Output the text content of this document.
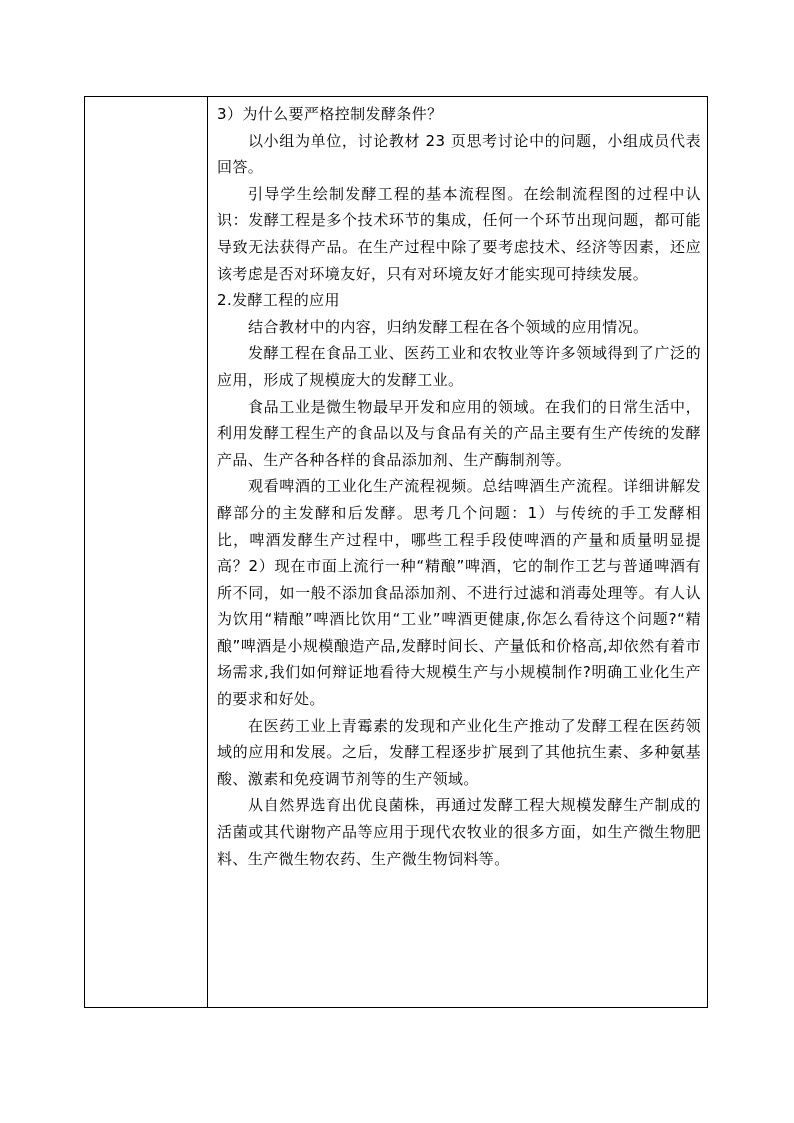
3）为什么要严格控制发酵条件？

以小组为单位，讨论教材 23 页思考讨论中的问题，小组成员代表回答。

引导学生绘制发酵工程的基本流程图。在绘制流程图的过程中认识：发酵工程是多个技术环节的集成，任何一个环节出现问题，都可能导致无法获得产品。在生产过程中除了要考虑技术、经济等因素，还应该考虑是否对环境友好，只有对环境友好才能实现可持续发展。

2.发酵工程的应用

结合教材中的内容，归纳发酵工程在各个领域的应用情况。

发酵工程在食品工业、医药工业和农牧业等许多领域得到了广泛的应用，形成了规模庞大的发酵工业。

食品工业是微生物最早开发和应用的领域。在我们的日常生活中，利用发酵工程生产的食品以及与食品有关的产品主要有生产传统的发酵产品、生产各种各样的食品添加剂、生产酶制剂等。

观看啤酒的工业化生产流程视频。总结啤酒生产流程。详细讲解发酵部分的主发酵和后发酵。思考几个问题：1）与传统的手工发酵相比，啤酒发酵生产过程中，哪些工程手段使啤酒的产量和质量明显提高？2）现在市面上流行一种“精酿”啤酒，它的制作工艺与普通啤酒有所不同，如一般不添加食品添加剂、不进行过滤和消毒处理等。有人认为饮用“精酿”啤酒比饮用“工业”啤酒更健康,你怎么看待这个问题?“精酿”啤酒是小规模酿造产品,发酵时间长、产量低和价格高,却依然有着市场需求,我们如何辩证地看待大规模生产与小规模制作?明确工业化生产的要求和好处。

在医药工业上青霉素的发现和产业化生产推动了发酵工程在医药领域的应用和发展。之后，发酵工程逐步扩展到了其他抗生素、多种氨基酸、激素和免疫调节剂等的生产领域。

从自然界选育出优良菌株，再通过发酵工程大规模发酵生产制成的活菌或其代谢物产品等应用于现代农牧业的很多方面，如生产微生物肥料、生产微生物农药、生产微生物饲料等。
